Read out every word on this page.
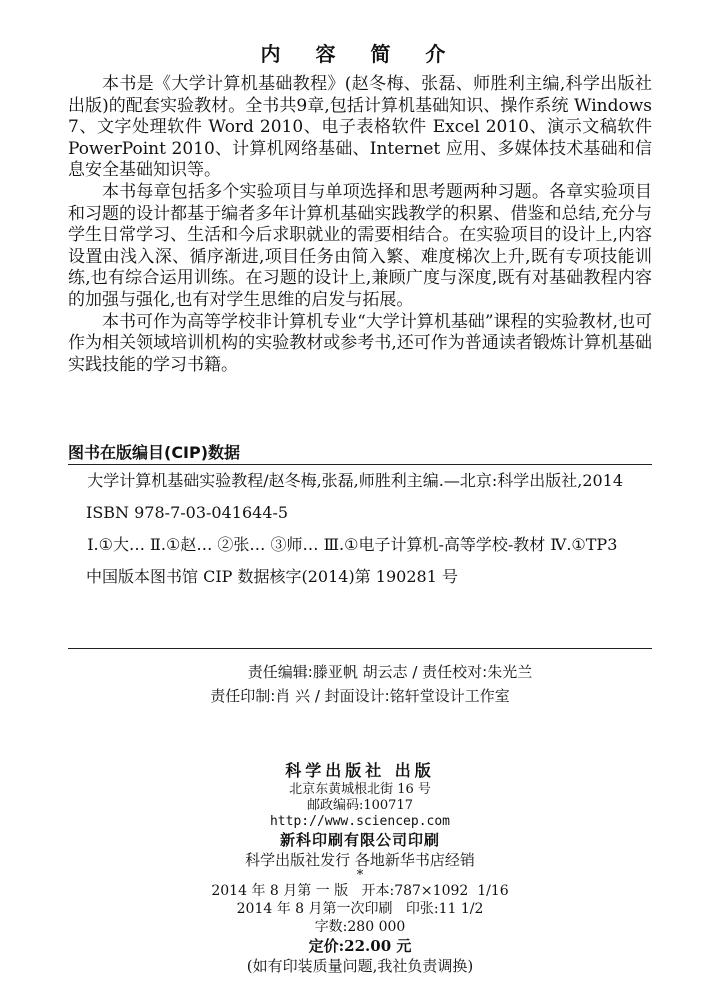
内 容 简 介

本书是《大学计算机基础教程》(赵冬梅、张磊、师胜利主编,科学出版社出版)的配套实验教材。全书共9章,包括计算机基础知识、操作系统 Windows 7、文字处理软件 Word 2010、电子表格软件 Excel 2010、演示文稿软件 PowerPoint 2010、计算机网络基础、Internet 应用、多媒体技术基础和信息安全基础知识等。

本书每章包括多个实验项目与单项选择和思考题两种习题。各章实验项目和习题的设计都基于编者多年计算机基础实践教学的积累、借鉴和总结,充分与学生日常学习、生活和今后求职就业的需要相结合。在实验项目的设计上,内容设置由浅入深、循序渐进,项目任务由简入繁、难度梯次上升,既有专项技能训练,也有综合运用训练。在习题的设计上,兼顾广度与深度,既有对基础教程内容的加强与强化,也有对学生思维的启发与拓展。

本书可作为高等学校非计算机专业“大学计算机基础”课程的实验教材,也可作为相关领域培训机构的实验教材或参考书,还可作为普通读者锻炼计算机基础实践技能的学习书籍。

图书在版编目(CIP)数据

大学计算机基础实验教程/赵冬梅,张磊,师胜利主编.—北京:科学出版社,2014

ISBN 978-7-03-041644-5

Ⅰ.①大… Ⅱ.①赵… ②张… ③师… Ⅲ.①电子计算机-高等学校-教材 Ⅳ.①TP3

中国版本图书馆 CIP 数据核字(2014)第 190281 号

责任编辑:滕亚帆 胡云志 / 责任校对:朱光兰

责任印制:肖 兴 / 封面设计:铭轩堂设计工作室

科学出版社 出版

北京东黄城根北街 16 号

邮政编码:100717

http://www.sciencep.com

新科印刷有限公司印刷

科学出版社发行 各地新华书店经销

*

2014 年 8 月第 一 版   开本:787×1092  1/16

2014 年 8 月第一次印刷   印张:11 1/2

字数:280 000

定价:22.00 元

(如有印装质量问题,我社负责调换)
